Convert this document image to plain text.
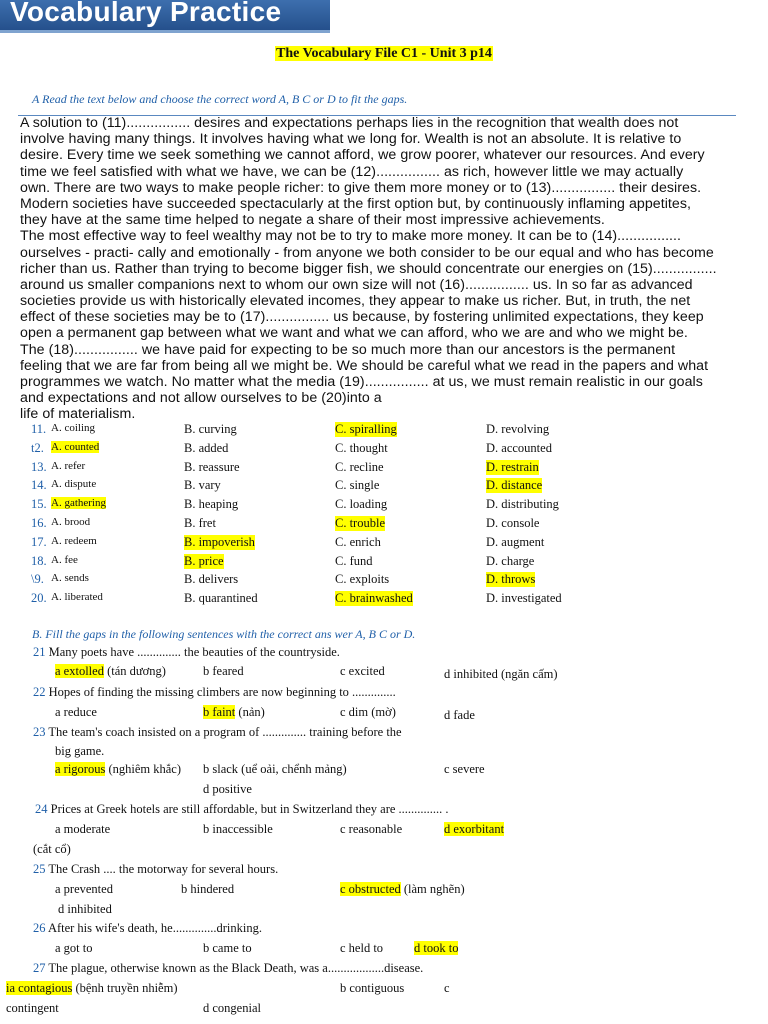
Vocabulary Practice
The Vocabulary File C1 - Unit 3 p14
A Read the text below and choose the correct word A, B C or D to fit the gaps.
A solution to (11)................ desires and expectations perhaps lies in the recognition that wealth does not
involve having many things. It involves having what we long for. Wealth is not an absolute. It is relative to
desire. Every time we seek something we cannot afford, we grow poorer, whatever our resources. And every
time we feel satisfied with what we have, we can be (12)................ as rich, however little we may actually
own. There are two ways to make people richer: to give them more money or to (13)................ their desires.
Modern societies have succeeded spectacularly at the first option but, by continuously inflaming appetites,
they have at the same time helped to negate a share of their most impressive achievements.
The most effective way to feel wealthy may not be to try to make more money. It can be to (14)................
ourselves - practi- cally and emotionally - from anyone we both consider to be our equal and who has become
richer than us. Rather than trying to become bigger fish, we should concentrate our energies on (15)................
around us smaller companions next to whom our own size will not (16)................ us. In so far as advanced
societies provide us with historically elevated incomes, they appear to make us richer. But, in truth, the net
effect of these societies may be to (17)................ us because, by fostering unlimited expectations, they keep
open a permanent gap between what we want and what we can afford, who we are and who we might be.
The (18)................ we have paid for expecting to be so much more than our ancestors is the permanent
feeling that we are far from being all we might be. We should be careful what we read in the papers and what
programmes we watch. No matter what the media (19)................ at us, we must remain realistic in our goals
and expectations and not allow ourselves to be (20)into a
life of materialism.
11. A. coiling	B. curving	C. spiralling	D. revolving
t2. A. counted	B. added	C. thought	D. accounted
13. A. refer	B. reassure	C. recline	D. restrain
14. A. dispute	B. vary	C. single	D. distance
15. A. gathering	B. heaping	C. loading	D. distributing
16. A. brood	B. fret	C. trouble	D. console
17. A. redeem	B. impoverish	C. enrich	D. augment
18. A. fee	B. price	C. fund	D. charge
\9. A. sends	B. delivers	C. exploits	D. throws
20. A. liberated	B. quarantined	C. brainwashed	D. investigated
B. Fill the gaps in the following sentences with the correct ans wer A, B C or D.
21 Many poets have .............. the beauties of the countryside.
a extolled (tán dương)	b feared	c excited	d inhibited (ngăn cấm)
22 Hopes of finding the missing climbers are now beginning to ..............
a reduce	b faint (nản)	c dim (mờ)	d fade
23 The team's coach insisted on a program of .............. training before the
big game.
a rigorous (nghiêm khắc) b slack (uể oải, chểnh mảng)	c severe
d positive
24 Prices at Greek hotels are still affordable, but in Switzerland they are .............. .
a moderate	b inaccessible	c reasonable	d exorbitant
(cắt cổ)
25 The Crash .... the motorway for several hours.
a prevented	b hindered	c obstructed (làm nghẽn)
d inhibited
26 After his wife's death, he..............drinking.
a got to	b came to	c held to d took to
27 The plague, otherwise known as the Black Death, was a..................disease.
ia contagious (bệnh truyền nhiễm)	b contiguous	c
contingent	d congenial
